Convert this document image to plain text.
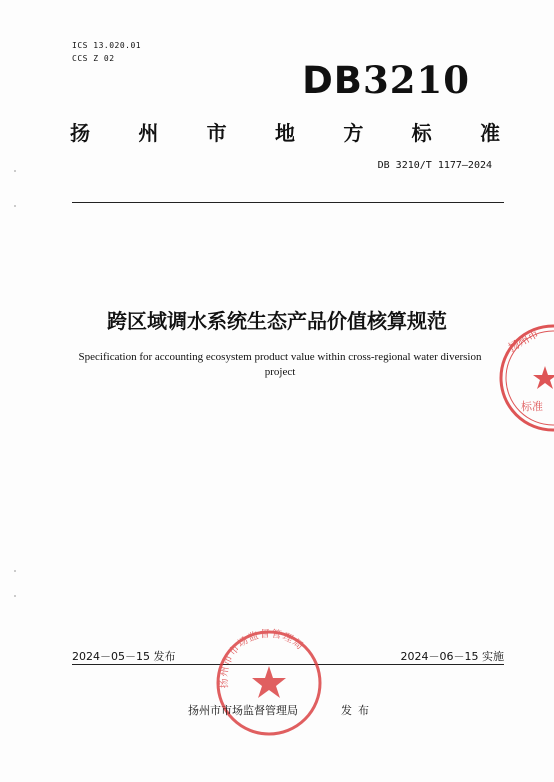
ICS 13.020.01
CCS Z 02
DB3210
扬 州 市 地 方 标 准
DB 3210/T 1177—2024
跨区域调水系统生态产品价值核算规范
Specification for accounting ecosystem product value within cross-regional water diversion project
扬州市
标准
2024－05－15 发布	2024－06－15 实施
扬州市市场监督管理局
扬州市市场监督管理局	发布
